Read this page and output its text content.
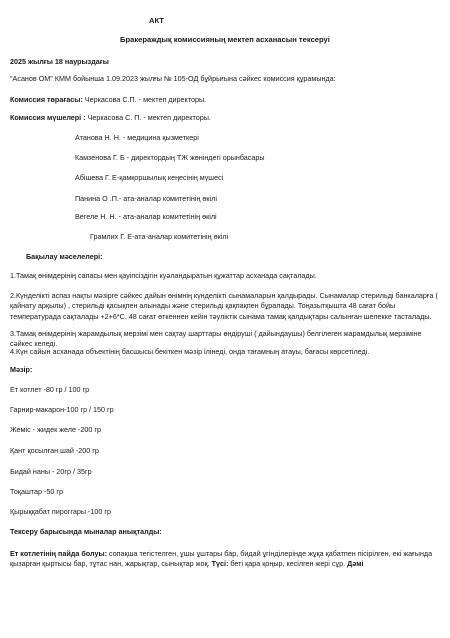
АКТ
Бракераждық комиссияның мектеп асханасын тексеруі
2025 жылғы 18 наурыздағы
"Асанов ОМ" КММ бойынша 1.09.2023 жылғы № 105-ОД бұйрығына сәйкес комиссия құрамында:
Комиссия төрағасы: Черкасова С.П. - мектеп директоры.
Комиссия мүшелері : Черкасова С. П. - мектеп директоры.
Атанова Н. Н. - медицина қызметкері
Камзенова Г. Б - директордың ТЖ жөніндегі орынбасары
Абішева Г. Е-қамқоршылық кеңесінің мүшесі
Панина О .П.- ата-аналар комитетінің өкілі
Вегеле Н. Н. - ата-аналар комитетінің өкілі
Грамлих Г. Е-ата-аналар комитетінің өкілі
Бақылау мәселелері:
1.Тамақ өнімдерінің сапасы мен қауіпсіздігін куәландыратын құжаттар асханада сақталады.
2.Күнделікті аспаз нақты мәзірге сәйкес дайын өнімнің күнделікті сынамаларын қалдырады. Сынамалар стерильді банкаларға ( қайнату арқылы) , стерильді қасықпен алынады және стерильді қақпақпен бұралады. Тоңазытқышта 48 сағат бойы температурада сақталады +2+6*С. 48 сағат өткеннен кейін тәуліктік сынама тамақ қалдықтары салынған шелекке тасталады.
3.Тамақ өнімдерінің жарамдылық мерзімі мен сақтау шарттары өндіруші ( дайындаушы) белгілеген жарамдылық мерзіміне сәйкес келеді.
4.Күн сайын асханада объектінің басшысы бекіткен мәзір ілінеді, онда тағамның атауы, бағасы көрсетіледі.
Мәзір:
Ет котлет -80 гр / 100 гр
Гарнир-макарон-100 гр / 150 гр
Жеміс - жидек желе -200 гр
Қант қосылған шай -200 гр
Бидай наны - 20гр / 35гр
Тоқаштар -50 гр
Қырыққабат пироггары -100 гр
Тексеру барысында мыналар анықталды:
Ет котлетінің пайда болуы: сопақша тегістелген, ұшы ұштары бар, бидай ұгінділерінде жұқа қабатпен пісірілген, екі жағында қызарған қыртысы бар, тұтас нан, жарықтар, сынықтар жоқ. Түсі: беті қара қоңыр, кесілген жері сұр. Дәмі
